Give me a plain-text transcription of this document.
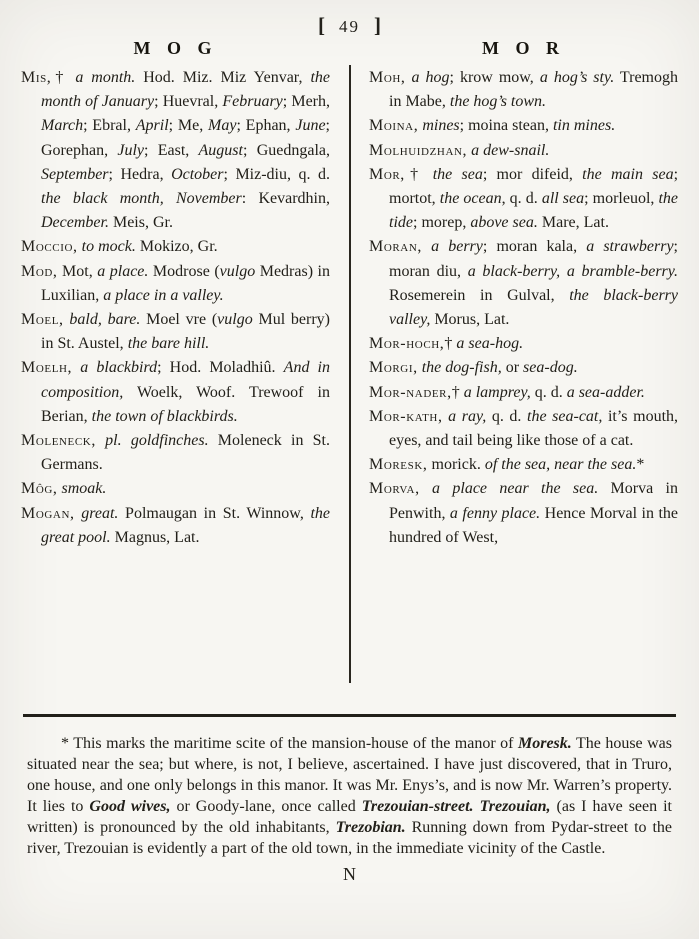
[ 49 ]
M O G

Mis,† a month. Hod. Miz. Miz Yenvar, the month of January; Huevral, February; Merh, March; Ebral, April; Me, May; Ephan, June; Gorephan, July; East, August; Guedngala, September; Hedra, October; Miz-diu, q. d. the black month, November: Kevardhin, December. Meis, Gr.

Moccio, to mock. Mokizo, Gr.

Mod, Mot, a place. Modrose (vulgo Medras) in Luxilian, a place in a valley.

Moel, bald, bare. Moel vre (vulgo Mul berry) in St. Austel, the bare hill.

Moelh, a blackbird; Hod. Moladhiû. And in composition, Woelk, Woof. Trewoof in Berian, the town of blackbirds.

Moleneck, pl. goldfinches. Moleneck in St. Germans.

Môg, smoak.

Mogan, great. Polmaugan in St. Winnow, the great pool. Magnus, Lat.

M O R

Moh, a hog; krow mow, a hog’s sty. Tremogh in Mabe, the hog’s town.

Moina, mines; moina stean, tin mines.

Molhuidzhan, a dew-snail.

Mor,† the sea; mor difeid, the main sea; mortot, the ocean, q. d. all sea; morleuol, the tide; morep, above sea. Mare, Lat.

Moran, a berry; moran kala, a strawberry; moran diu, a black-berry, a bramble-berry. Rosemerein in Gulval, the black-berry valley, Morus, Lat.

Mor-hoch,† a sea-hog.

Morgi, the dog-fish, or sea-dog.

Mor-nader,† a lamprey, q. d. a sea-adder.

Mor-kath, a ray, q. d. the sea-cat, it’s mouth, eyes, and tail being like those of a cat.

Moresk, morick. of the sea, near the sea.*

Morva, a place near the sea. Morva in Penwith, a fenny place. Hence Morval in the hundred of West,

* This marks the maritime scite of the mansion-house of the manor of Moresk. The house was situated near the sea; but where, is not, I believe, ascertained. I have just discovered, that in Truro, one house, and one only belongs in this manor. It was Mr. Enys’s, and is now Mr. Warren’s property. It lies to Good wives, or Goody-lane, once called Trezouian-street. Trezouian, (as I have seen it written) is pronounced by the old inhabitants, Trezobian. Running down from Pydar-street to the river, Trezouian is evidently a part of the old town, in the immediate vicinity of the Castle.

N
